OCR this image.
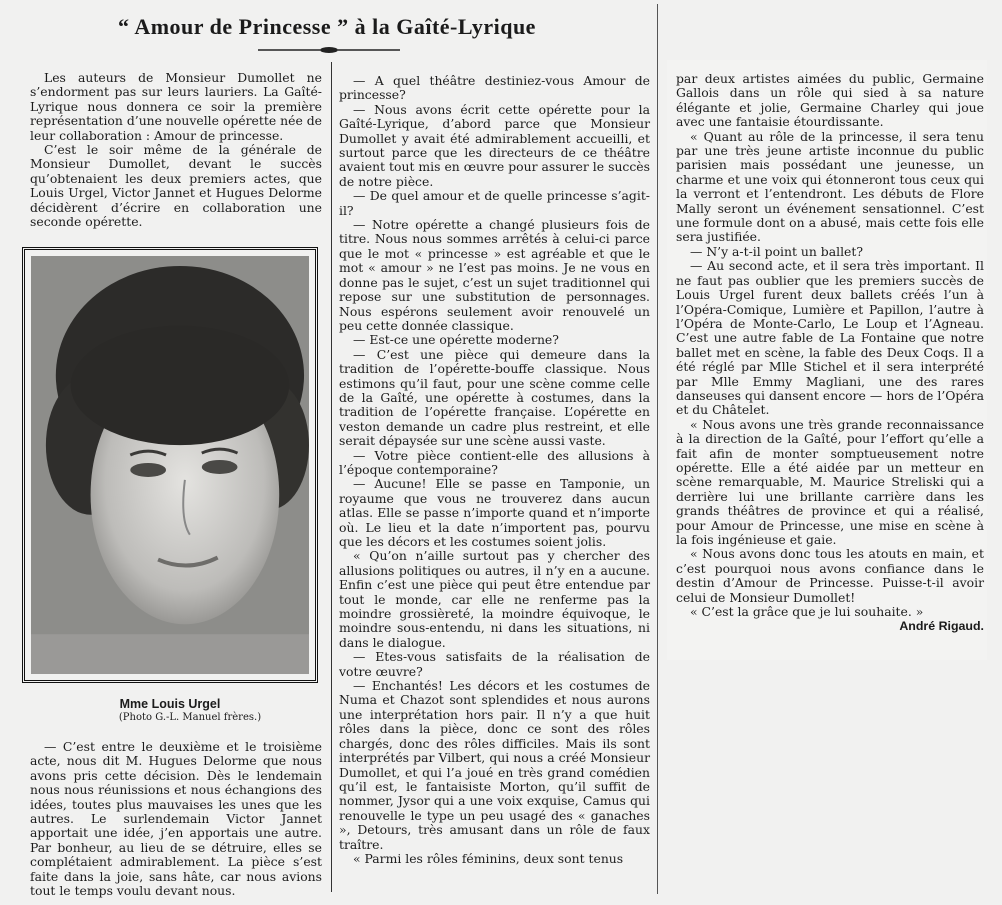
“ Amour de Princesse ” à la Gaîté-Lyrique

Les auteurs de Monsieur Dumollet ne s’endorment pas sur leurs lauriers. La Gaîté-Lyrique nous donnera ce soir la première représentation d’une nouvelle opérette née de leur collaboration : Amour de princesse.

C’est le soir même de la générale de Monsieur Dumollet, devant le succès qu’obtenaient les deux premiers actes, que Louis Urgel, Victor Jannet et Hugues Delorme décidèrent d’écrire en collaboration une seconde opérette.

Mme Louis Urgel
(Photo G.-L. Manuel frères.)

— C’est entre le deuxième et le troisième acte, nous dit M. Hugues Delorme que nous avons pris cette décision. Dès le lendemain nous nous réunissions et nous échangions des idées, toutes plus mauvaises les unes que les autres. Le surlendemain Victor Jannet apportait une idée, j’en apportais une autre. Par bonheur, au lieu de se détruire, elles se complétaient admirablement. La pièce s’est faite dans la joie, sans hâte, car nous avions tout le temps voulu devant nous.

— A quel théâtre destiniez-vous Amour de princesse?

— Nous avons écrit cette opérette pour la Gaîté-Lyrique, d’abord parce que Monsieur Dumollet y avait été admirablement accueilli, et surtout parce que les directeurs de ce théâtre avaient tout mis en œuvre pour assurer le succès de notre pièce.

— De quel amour et de quelle princesse s’agit-il?

— Notre opérette a changé plusieurs fois de titre. Nous nous sommes arrêtés à celui-ci parce que le mot « princesse » est agréable et que le mot « amour » ne l’est pas moins. Je ne vous en donne pas le sujet, c’est un sujet traditionnel qui repose sur une substitution de personnages. Nous espérons seulement avoir renouvelé un peu cette donnée classique.

— Est-ce une opérette moderne?

— C’est une pièce qui demeure dans la tradition de l’opérette-bouffe classique. Nous estimons qu’il faut, pour une scène comme celle de la Gaîté, une opérette à costumes, dans la tradition de l’opérette française. L’opérette en veston demande un cadre plus restreint, et elle serait dépaysée sur une scène aussi vaste.

— Votre pièce contient-elle des allusions à l’époque contemporaine?

— Aucune! Elle se passe en Tamponie, un royaume que vous ne trouverez dans aucun atlas. Elle se passe n’importe quand et n’importe où. Le lieu et la date n’importent pas, pourvu que les décors et les costumes soient jolis.

« Qu’on n’aille surtout pas y chercher des allusions politiques ou autres, il n’y en a aucune. Enfin c’est une pièce qui peut être entendue par tout le monde, car elle ne renferme pas la moindre grossièreté, la moindre équivoque, le moindre sous-entendu, ni dans les situations, ni dans le dialogue.

— Etes-vous satisfaits de la réalisation de votre œuvre?

— Enchantés! Les décors et les costumes de Numa et Chazot sont splendides et nous aurons une interprétation hors pair. Il n’y a que huit rôles dans la pièce, donc ce sont des rôles chargés, donc des rôles difficiles. Mais ils sont interprétés par Vilbert, qui nous a créé Monsieur Dumollet, et qui l’a joué en très grand comédien qu’il est, le fantaisiste Morton, qu’il suffit de nommer, Jysor qui a une voix exquise, Camus qui renouvelle le type un peu usagé des « ganaches », Detours, très amusant dans un rôle de faux traître.

« Parmi les rôles féminins, deux sont tenus

par deux artistes aimées du public, Germaine Gallois dans un rôle qui sied à sa nature élégante et jolie, Germaine Charley qui joue avec une fantaisie étourdissante.

« Quant au rôle de la princesse, il sera tenu par une très jeune artiste inconnue du public parisien mais possédant une jeunesse, un charme et une voix qui étonneront tous ceux qui la verront et l’entendront. Les débuts de Flore Mally seront un événement sensationnel. C’est une formule dont on a abusé, mais cette fois elle sera justifiée.

— N’y a-t-il point un ballet?

— Au second acte, et il sera très important. Il ne faut pas oublier que les premiers succès de Louis Urgel furent deux ballets créés l’un à l’Opéra-Comique, Lumière et Papillon, l’autre à l’Opéra de Monte-Carlo, Le Loup et l’Agneau. C’est une autre fable de La Fontaine que notre ballet met en scène, la fable des Deux Coqs. Il a été réglé par Mlle Stichel et il sera interprété par Mlle Emmy Magliani, une des rares danseuses qui dansent encore — hors de l’Opéra et du Châtelet.

« Nous avons une très grande reconnaissance à la direction de la Gaîté, pour l’effort qu’elle a fait afin de monter somptueusement notre opérette. Elle a été aidée par un metteur en scène remarquable, M. Maurice Streliski qui a derrière lui une brillante carrière dans les grands théâtres de province et qui a réalisé, pour Amour de Princesse, une mise en scène à la fois ingénieuse et gaie.

« Nous avons donc tous les atouts en main, et c’est pourquoi nous avons confiance dans le destin d’Amour de Princesse. Puisse-t-il avoir celui de Monsieur Dumollet!

« C’est la grâce que je lui souhaite. »

André Rigaud.
